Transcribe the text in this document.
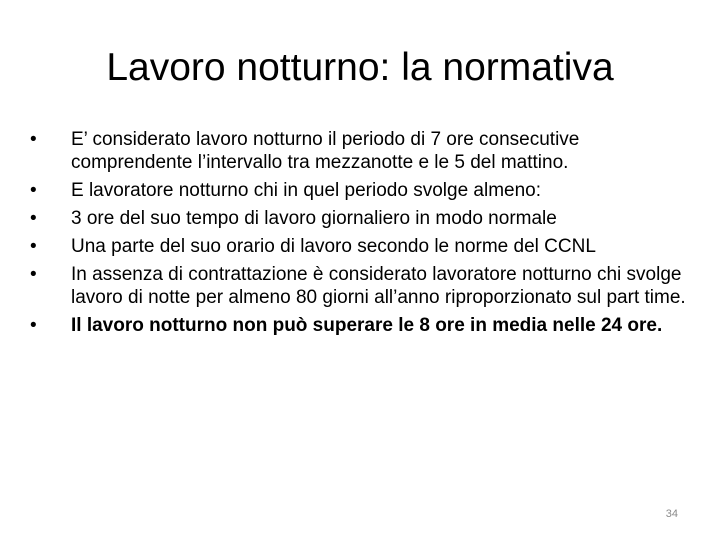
Lavoro notturno: la normativa
•	E’ considerato lavoro notturno il periodo di 7 ore consecutive comprendente l’intervallo tra mezzanotte e le 5 del mattino.
•	E lavoratore notturno chi in quel periodo svolge almeno:
•	3 ore del suo tempo di lavoro giornaliero in modo normale
•	Una parte del suo orario di lavoro secondo le norme del CCNL
•	In assenza di contrattazione è considerato lavoratore notturno chi svolge lavoro di notte per almeno 80 giorni all’anno riproporzionato sul part time.
•	Il lavoro notturno non può superare le 8 ore in media nelle 24 ore.
34
